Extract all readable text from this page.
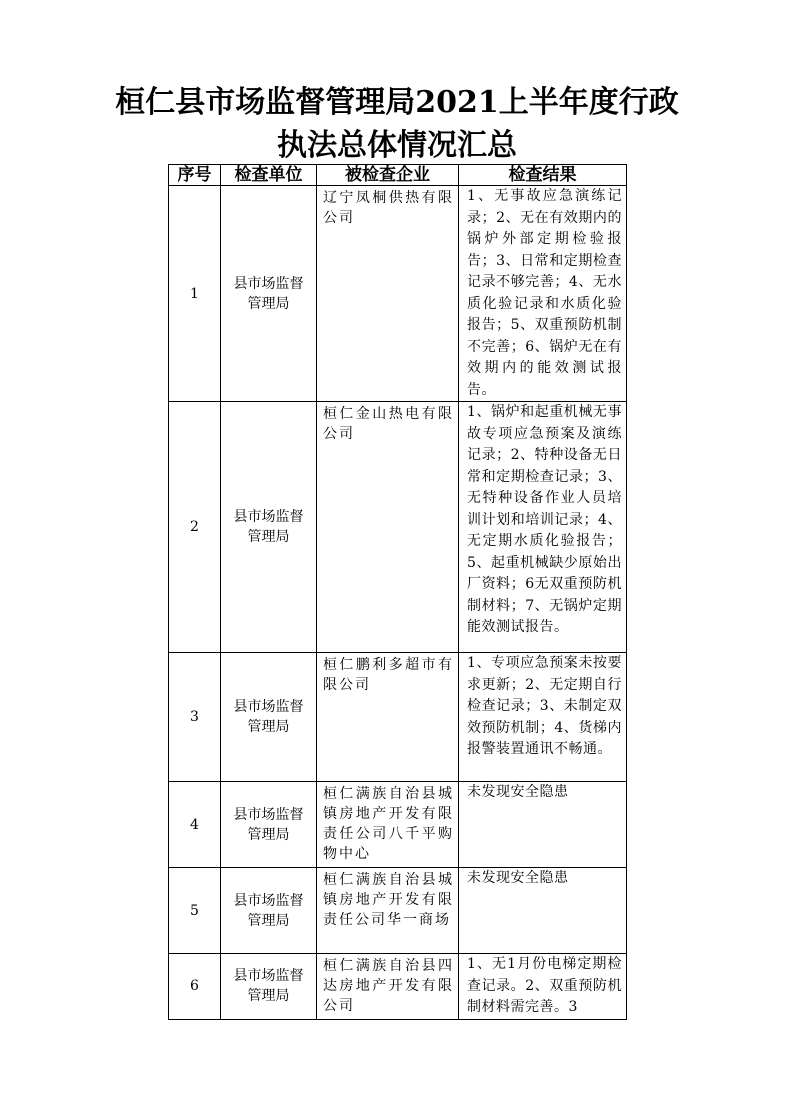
桓仁县市场监督管理局2021上半年度行政
执法总体情况汇总
序号	检查单位	被检查企业	检查结果
1	县市场监督管理局	辽宁凤桐供热有限公司	1、无事故应急演练记录；2、无在有效期内的锅炉外部定期检验报告；3、日常和定期检查记录不够完善；4、无水质化验记录和水质化验报告；5、双重预防机制不完善；6、锅炉无在有效期内的能效测试报告。
2	县市场监督管理局	桓仁金山热电有限公司	1、锅炉和起重机械无事故专项应急预案及演练记录；2、特种设备无日常和定期检查记录；3、无特种设备作业人员培训计划和培训记录；4、无定期水质化验报告；5、起重机械缺少原始出厂资料；6无双重预防机制材料；7、无锅炉定期能效测试报告。
3	县市场监督管理局	桓仁鹏利多超市有限公司	1、专项应急预案未按要求更新；2、无定期自行检查记录；3、未制定双效预防机制；4、货梯内报警装置通讯不畅通。
4	县市场监督管理局	桓仁满族自治县城镇房地产开发有限责任公司八千平购物中心	未发现安全隐患
5	县市场监督管理局	桓仁满族自治县城镇房地产开发有限责任公司华一商场	未发现安全隐患
6	县市场监督管理局	桓仁满族自治县四达房地产开发有限公司	1、无1月份电梯定期检查记录。2、双重预防机制材料需完善。3
